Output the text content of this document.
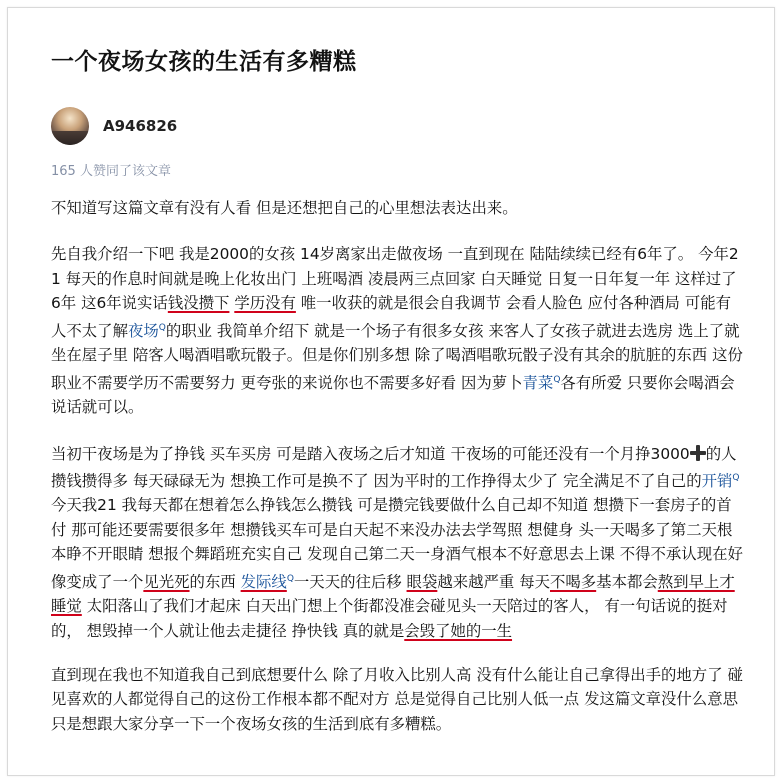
一个夜场女孩的生活有多糟糕
A946826
165 人赞同了该文章

不知道写这篇文章有没有人看 但是还想把自己的心里想法表达出来。

先自我介绍一下吧 我是2000的女孩 14岁离家出走做夜场 一直到现在 陆陆续续已经有6年了。 今年21 每天的作息时间就是晚上化妆出门 上班喝酒 凌晨两三点回家 白天睡觉 日复一日年复一年 这样过了6年 这6年说实话钱没攒下 学历没有 唯一收获的就是很会自我调节 会看人脸色 应付各种酒局 可能有人不太了解夜场$^Q$的职业 我简单介绍下 就是一个场子有很多女孩 来客人了女孩子就进去选房 选上了就坐在屋子里 陪客人喝酒唱歌玩骰子。但是你们别多想 除了喝酒唱歌玩骰子没有其余的肮脏的东西 这份职业不需要学历不需要努力 更夸张的来说你也不需要多好看 因为萝卜青菜$^Q$各有所爱 只要你会喝酒会说话就可以。

当初干夜场是为了挣钱 买车买房 可是踏入夜场之后才知道 干夜场的可能还没有一个月挣3000 的人攒钱攒得多 每天碌碌无为 想换工作可是换不了 因为平时的工作挣得太少了 完全满足不了自己的开销$^Q$ 今天我21 我每天都在想着怎么挣钱怎么攒钱 可是攒完钱要做什么自己却不知道 想攒下一套房子的首付 那可能还要需要很多年 想攒钱买车可是白天起不来没办法去学驾照 想健身 头一天喝多了第二天根本睁不开眼睛 想报个舞蹈班充实自己 发现自己第二天一身酒气根本不好意思去上课 不得不承认现在好像变成了一个见光死的东西 发际线$^Q$一天天的往后移 眼袋越来越严重 每天不喝多基本都会熬到早上才睡觉 太阳落山了我们才起床 白天出门想上个街都没准会碰见头一天陪过的客人， 有一句话说的挺对的， 想毁掉一个人就让他去走捷径 挣快钱 真的就是会毁了她的一生

直到现在我也不知道我自己到底想要什么 除了月收入比别人高 没有什么能让自己拿得出手的地方了 碰见喜欢的人都觉得自己的这份工作根本都不配对方 总是觉得自己比别人低一点 发这篇文章没什么意思 只是想跟大家分享一下一个夜场女孩的生活到底有多糟糕。
